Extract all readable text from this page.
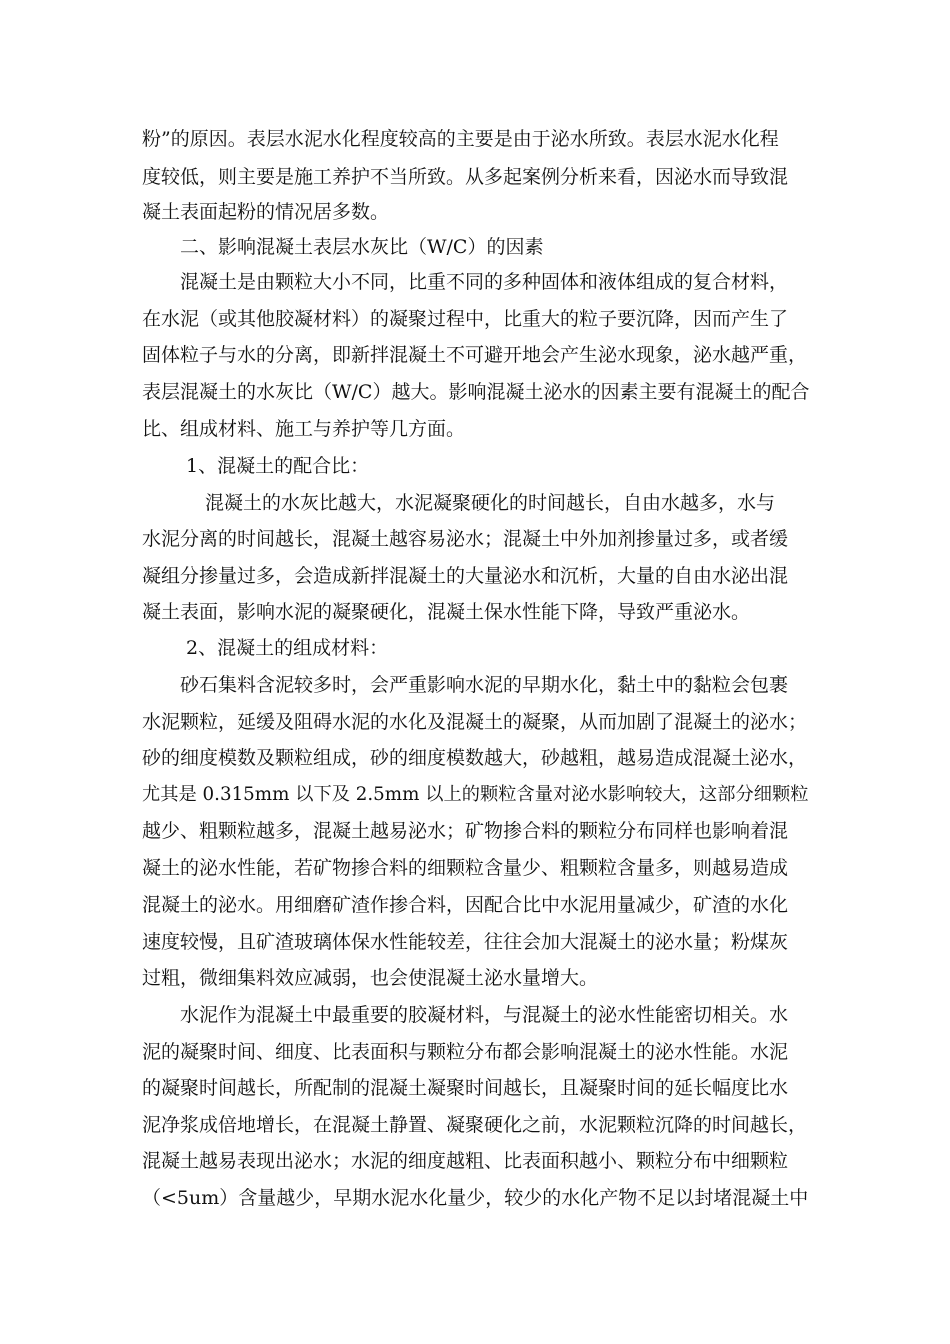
粉”的原因。表层水泥水化程度较高的主要是由于泌水所致。表层水泥水化程
度较低，则主要是施工养护不当所致。从多起案例分析来看，因泌水而导致混
凝土表面起粉的情况居多数。
　　二、影响混凝土表层水灰比（W/C）的因素
　　混凝土是由颗粒大小不同，比重不同的多种固体和液体组成的复合材料，
在水泥（或其他胶凝材料）的凝聚过程中，比重大的粒子要沉降，因而产生了
固体粒子与水的分离，即新拌混凝土不可避开地会产生泌水现象，泌水越严重，
表层混凝土的水灰比（W/C）越大。影响混凝土泌水的因素主要有混凝土的配合
比、组成材料、施工与养护等几方面。
　　 1、混凝土的配合比：
　　　 混凝土的水灰比越大，水泥凝聚硬化的时间越长，自由水越多，水与
水泥分离的时间越长，混凝土越容易泌水；混凝土中外加剂掺量过多，或者缓
凝组分掺量过多，会造成新拌混凝土的大量泌水和沉析，大量的自由水泌出混
凝土表面，影响水泥的凝聚硬化，混凝土保水性能下降，导致严重泌水。
　　 2、混凝土的组成材料：
　　砂石集料含泥较多时，会严重影响水泥的早期水化，黏土中的黏粒会包裹
水泥颗粒，延缓及阻碍水泥的水化及混凝土的凝聚，从而加剧了混凝土的泌水；
砂的细度模数及颗粒组成，砂的细度模数越大，砂越粗，越易造成混凝土泌水，
尤其是 0.315mm 以下及 2.5mm 以上的颗粒含量对泌水影响较大，这部分细颗粒
越少、粗颗粒越多，混凝土越易泌水；矿物掺合料的颗粒分布同样也影响着混
凝土的泌水性能，若矿物掺合料的细颗粒含量少、粗颗粒含量多，则越易造成
混凝土的泌水。用细磨矿渣作掺合料，因配合比中水泥用量减少，矿渣的水化
速度较慢，且矿渣玻璃体保水性能较差，往往会加大混凝土的泌水量；粉煤灰
过粗，微细集料效应减弱，也会使混凝土泌水量增大。
　　水泥作为混凝土中最重要的胶凝材料，与混凝土的泌水性能密切相关。水
泥的凝聚时间、细度、比表面积与颗粒分布都会影响混凝土的泌水性能。水泥
的凝聚时间越长，所配制的混凝土凝聚时间越长，且凝聚时间的延长幅度比水
泥净浆成倍地增长，在混凝土静置、凝聚硬化之前，水泥颗粒沉降的时间越长，
混凝土越易表现出泌水；水泥的细度越粗、比表面积越小、颗粒分布中细颗粒
（<5um）含量越少，早期水泥水化量少，较少的水化产物不足以封堵混凝土中
